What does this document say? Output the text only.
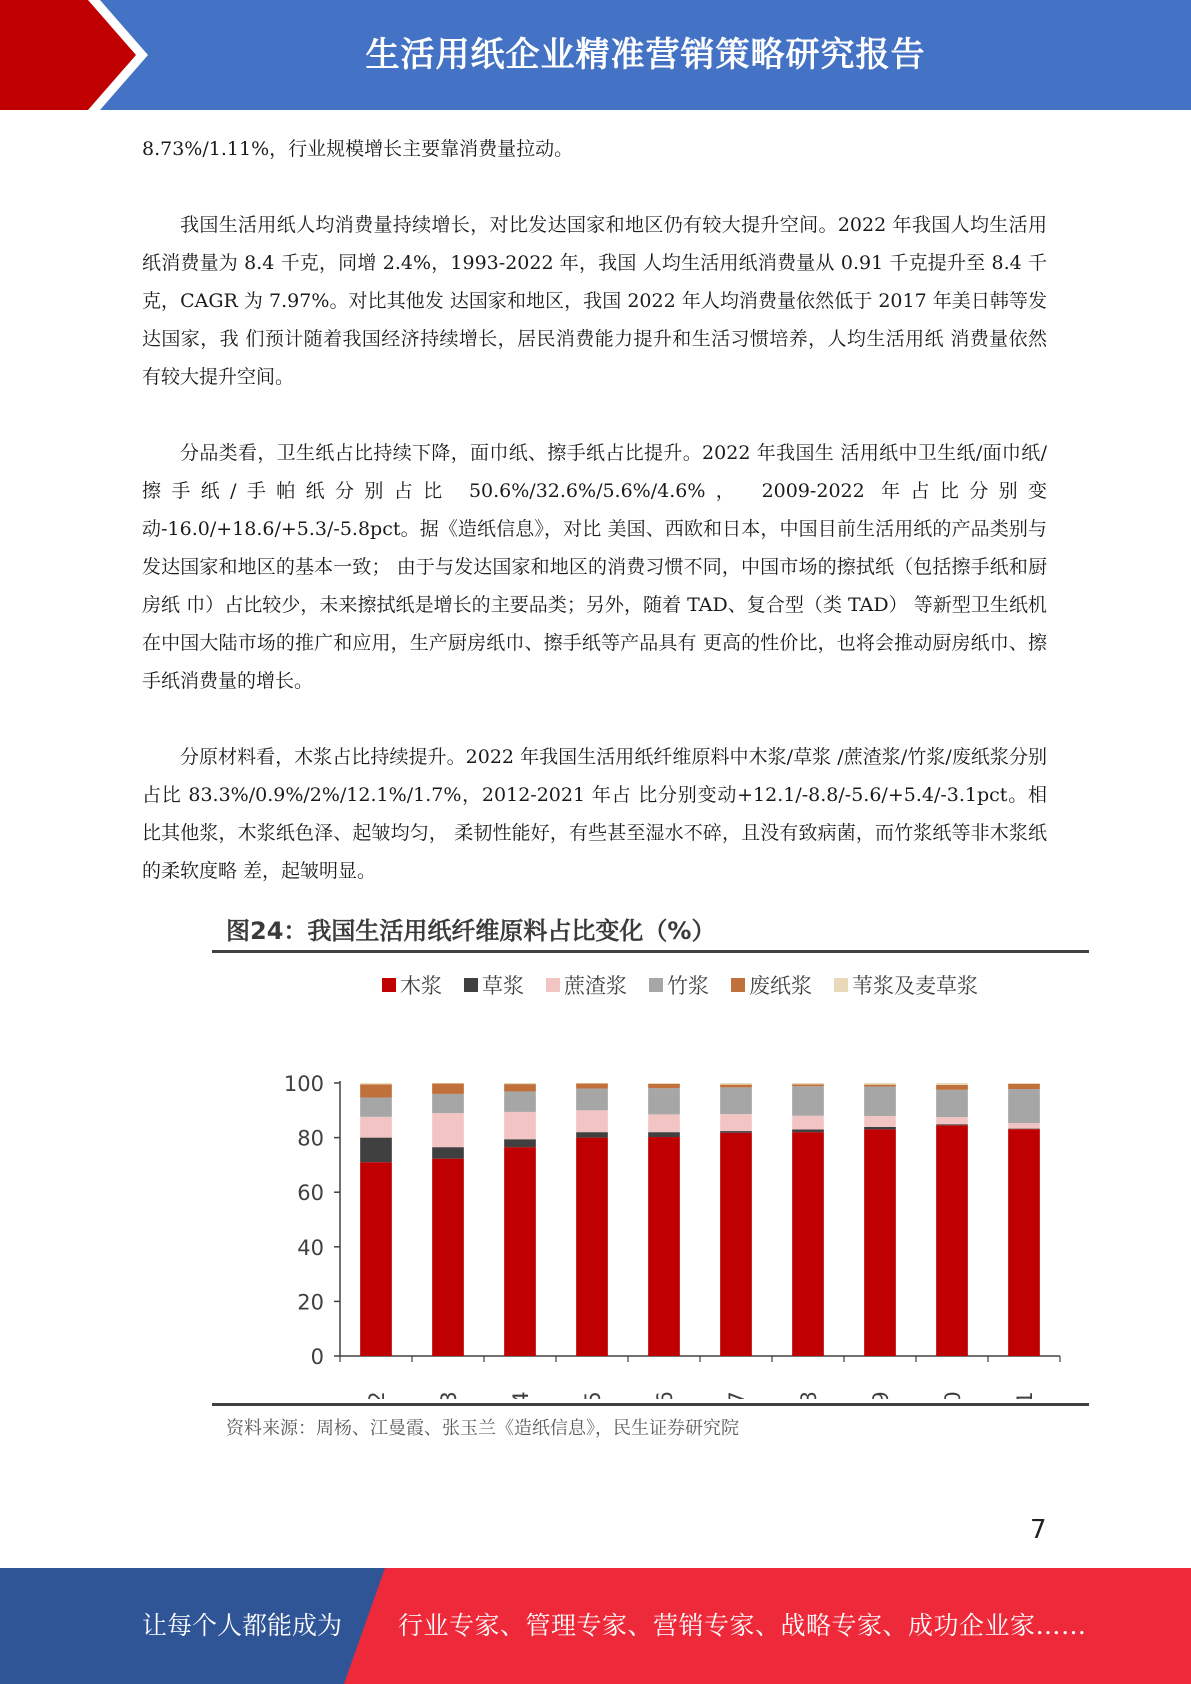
生活用纸企业精准营销策略研究报告

8.73%/1.11%，行业规模增长主要靠消费量拉动。

我国生活用纸人均消费量持续增长，对比发达国家和地区仍有较大提升空间。2022 年我国人均生活用纸消费量为 8.4 千克，同增 2.4%，1993-2022 年，我国 人均生活用纸消费量从 0.91 千克提升至 8.4 千克，CAGR 为 7.97%。对比其他发 达国家和地区，我国 2022 年人均消费量依然低于 2017 年美日韩等发达国家，我 们预计随着我国经济持续增长，居民消费能力提升和生活习惯培养，人均生活用纸 消费量依然有较大提升空间。

分品类看，卫生纸占比持续下降，面巾纸、擦手纸占比提升。2022 年我国生 活用纸中卫生纸/面巾纸/擦手纸/手帕纸分别占比 50.6%/32.6%/5.6%/4.6%， 2009-2022 年占比分别变动-16.0/+18.6/+5.3/-5.8pct。据《造纸信息》，对比 美国、西欧和日本，中国目前生活用纸的产品类别与发达国家和地区的基本一致； 由于与发达国家和地区的消费习惯不同，中国市场的擦拭纸（包括擦手纸和厨房纸 巾）占比较少，未来擦拭纸是增长的主要品类；另外，随着 TAD、复合型（类 TAD） 等新型卫生纸机在中国大陆市场的推广和应用，生产厨房纸巾、擦手纸等产品具有 更高的性价比，也将会推动厨房纸巾、擦手纸消费量的增长。

分原材料看，木浆占比持续提升。2022 年我国生活用纸纤维原料中木浆/草浆 /蔗渣浆/竹浆/废纸浆分别占比 83.3%/0.9%/2%/12.1%/1.7%，2012-2021 年占 比分别变动+12.1/-8.8/-5.6/+5.4/-3.1pct。相比其他浆，木浆纸色泽、起皱均匀， 柔韧性能好，有些甚至湿水不碎，且没有致病菌，而竹浆纸等非木浆纸的柔软度略 差，起皱明显。

图24：我国生活用纸纤维原料占比变化（%）
木浆 草浆 蔗渣浆 竹浆 废纸浆 苇浆及麦草浆
0
20
40
60
80
100
资料来源：周杨、江曼霞、张玉兰《造纸信息》，民生证券研究院
7
让每个人都能成为 行业专家、管理专家、营销专家、战略专家、成功企业家……
